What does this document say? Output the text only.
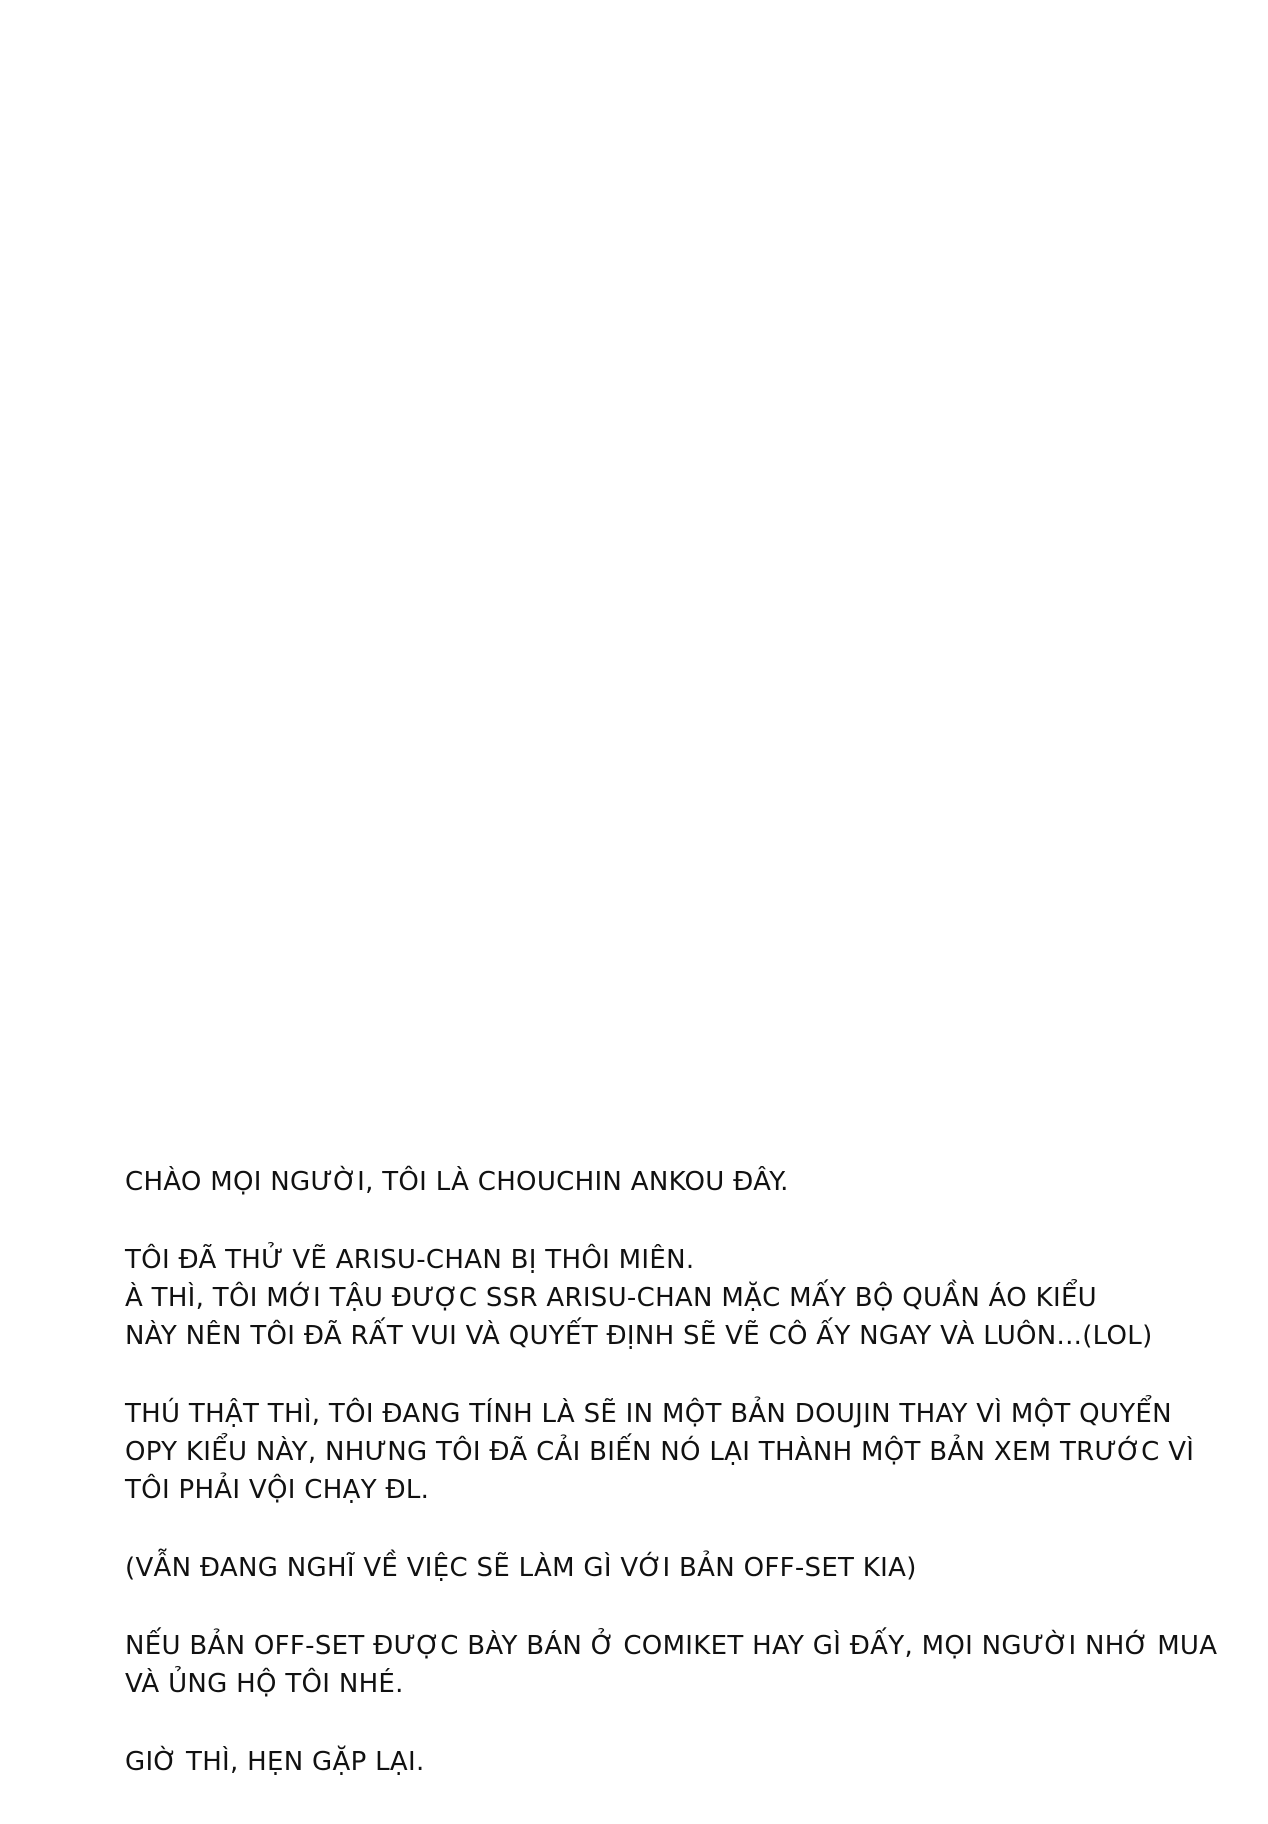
CHÀO MỌI NGƯỜI, TÔI LÀ CHOUCHIN ANKOU ĐÂY.

TÔI ĐÃ THỬ VẼ ARISU-CHAN BỊ THÔI MIÊN.
À THÌ, TÔI MỚI TẬU ĐƯỢC SSR ARISU-CHAN MẶC MẤY BỘ QUẦN ÁO KIỂU
NÀY NÊN TÔI ĐÃ RẤT VUI VÀ QUYẾT ĐỊNH SẼ VẼ CÔ ẤY NGAY VÀ LUÔN...(LOL)

THÚ THẬT THÌ, TÔI ĐANG TÍNH LÀ SẼ IN MỘT BẢN DOUJIN THAY VÌ MỘT QUYỂN
OPY KIỂU NÀY, NHƯNG TÔI ĐÃ CẢI BIẾN NÓ LẠI THÀNH MỘT BẢN XEM TRƯỚC VÌ
TÔI PHẢI VỘI CHẠY ĐL.

(VẪN ĐANG NGHĨ VỀ VIỆC SẼ LÀM GÌ VỚI BẢN OFF-SET KIA)

NẾU BẢN OFF-SET ĐƯỢC BÀY BÁN Ở COMIKET HAY GÌ ĐẤY, MỌI NGƯỜI NHỚ MUA
VÀ ỦNG HỘ TÔI NHÉ.

GIỜ THÌ, HẸN GẶP LẠI.
